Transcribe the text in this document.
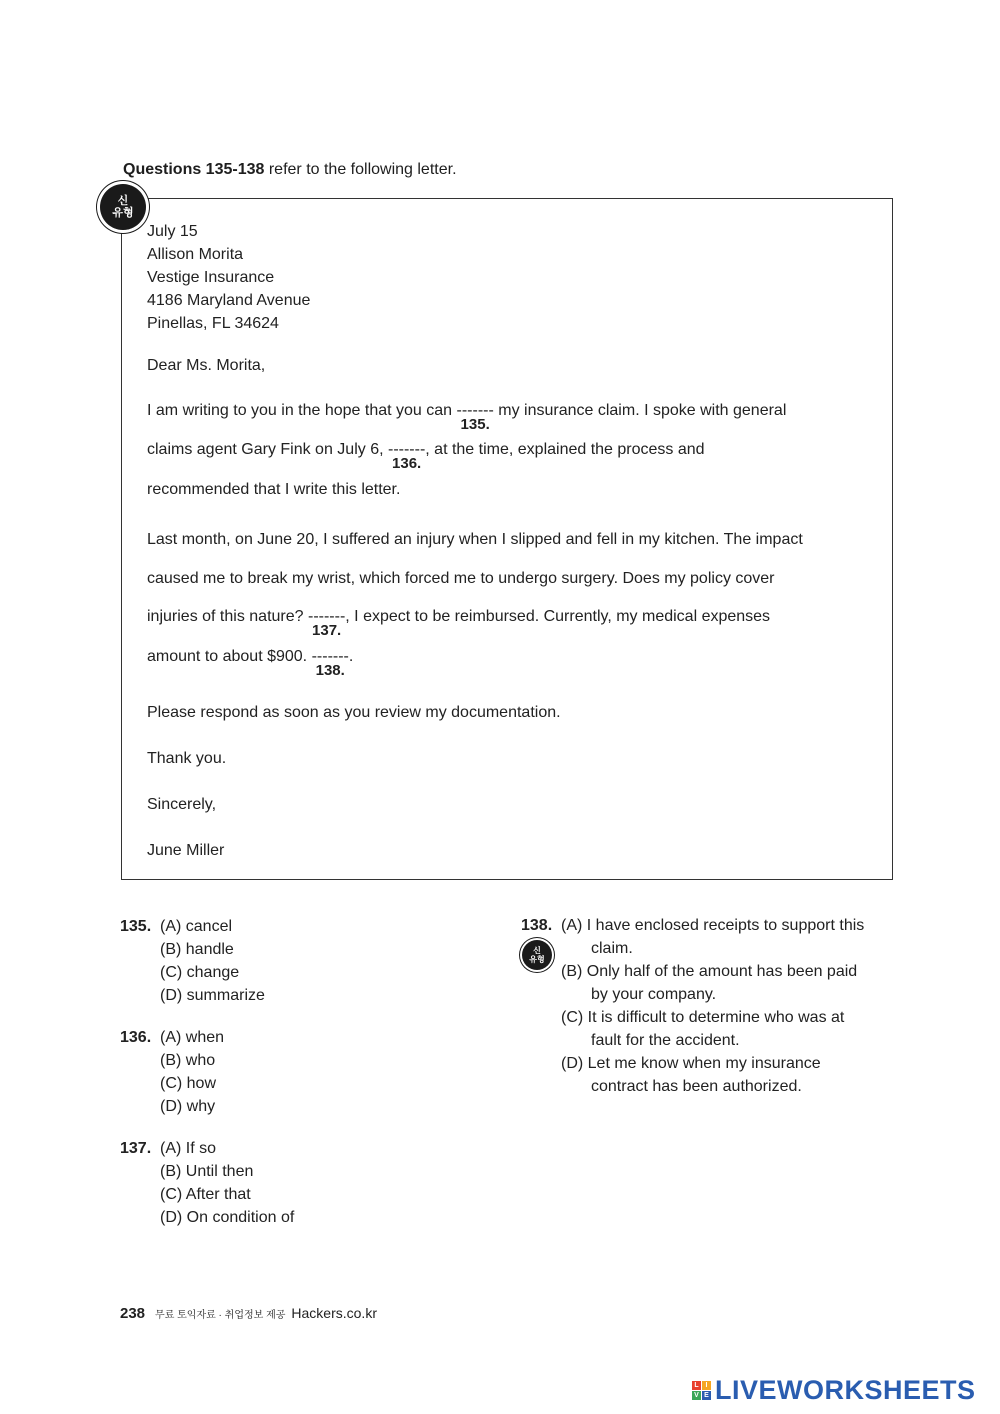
Questions 135-138 refer to the following letter.
신
유형
July 15
Allison Morita
Vestige Insurance
4186 Maryland Avenue
Pinellas, FL 34624
Dear Ms. Morita,
I am writing to you in the hope that you can -------
135.
my insurance claim. I spoke with general
claims agent Gary Fink on July 6, -------
136.
, at the time, explained the process and
recommended that I write this letter.
Last month, on June 20, I suffered an injury when I slipped and fell in my kitchen. The impact
caused me to break my wrist, which forced me to undergo surgery. Does my policy cover
injuries of this nature? -------
137.
, I expect to be reimbursed. Currently, my medical expenses
amount to about $900. -------
138.
.
Please respond as soon as you review my documentation.
Thank you.
Sincerely,
June Miller
135. (A) cancel
(B) handle
(C) change
(D) summarize
136. (A) when
(B) who
(C) how
(D) why
137. (A) If so
(B) Until then
(C) After that
(D) On condition of
신
유형
138. (A) I have enclosed receipts to support this
claim.
(B) Only half of the amount has been paid
by your company.
(C) It is difficult to determine who was at
fault for the accident.
(D) Let me know when my insurance
contract has been authorized.
238 무료 토익자료 · 취업정보 제공 Hackers.co.kr
L I
V E LIVEWORKSHEETS
